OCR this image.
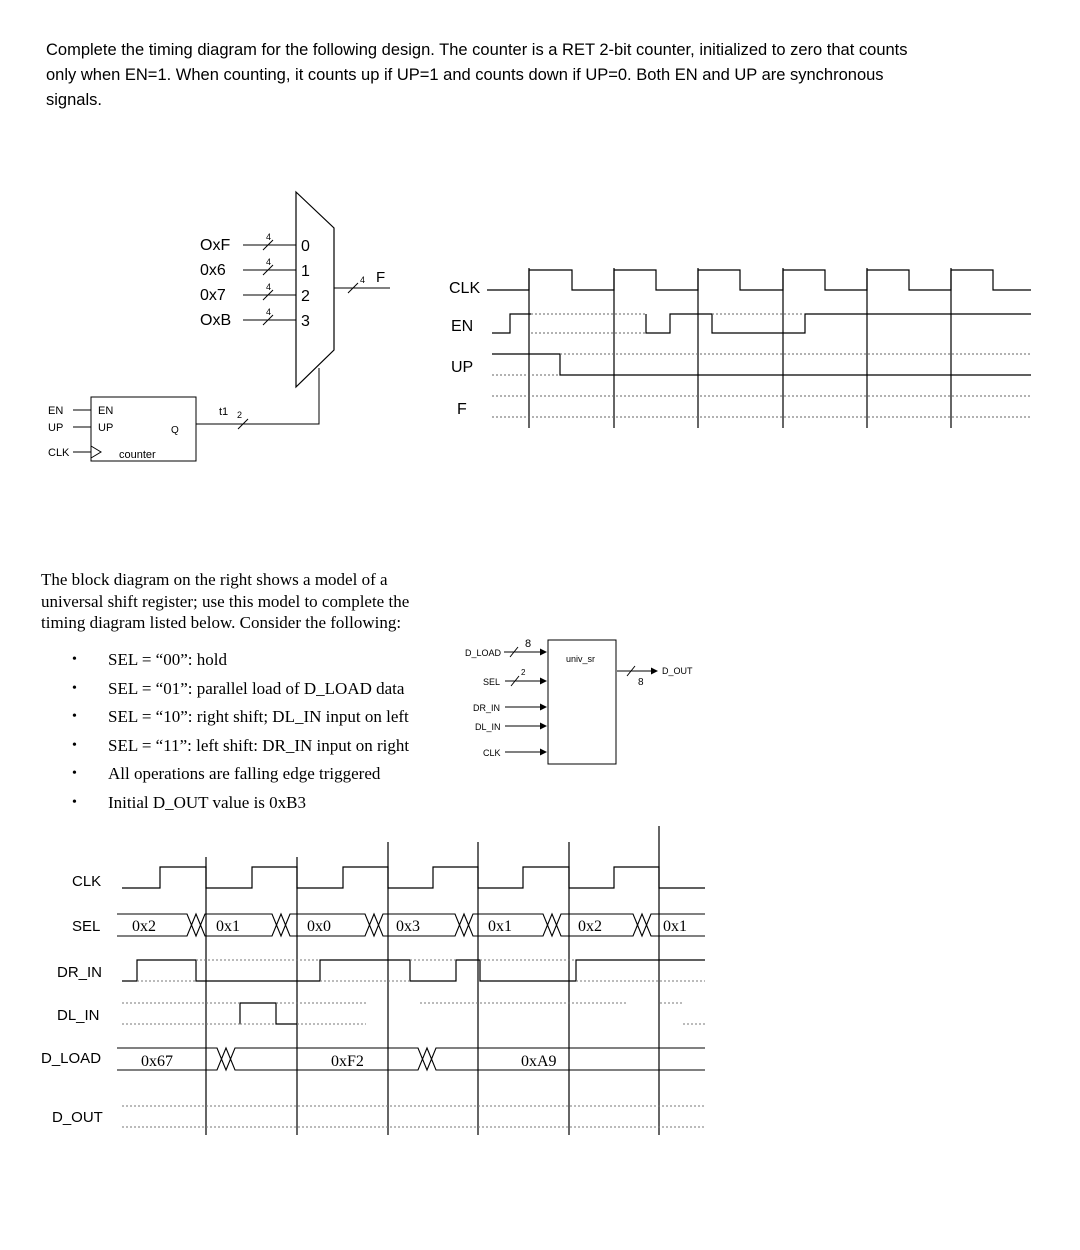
Complete the timing diagram for the following design. The counter is a RET 2-bit counter, initialized to zero that counts
only when EN=1. When counting, it counts up if UP=1 and counts down if UP=0. Both EN and UP are synchronous
signals.

OxF
0x6
0x7
OxB
4
4
4
4
0
1
2
3
4 F
t1 2
EN
UP
CLK
EN
UP	Q
counter
CLK
EN
UP
F
univ_sr
D_LOAD
SEL
DR_IN
DL_IN
CLK
8
2
8
D_OUT
CLK
SEL
DR_IN
DL_IN
D_LOAD
D_OUT
0x2	0x1	0x0	0x3	0x1	0x2	0x1
0x67	0xF2	0xA9

The block diagram on the right shows a model of a
universal shift register; use this model to complete the
timing diagram listed below. Consider the following:

• SEL = “00”: hold
• SEL = “01”: parallel load of D_LOAD data
• SEL = “10”: right shift; DL_IN input on left
• SEL = “11”: left shift: DR_IN input on right
• All operations are falling edge triggered
• Initial D_OUT value is 0xB3
